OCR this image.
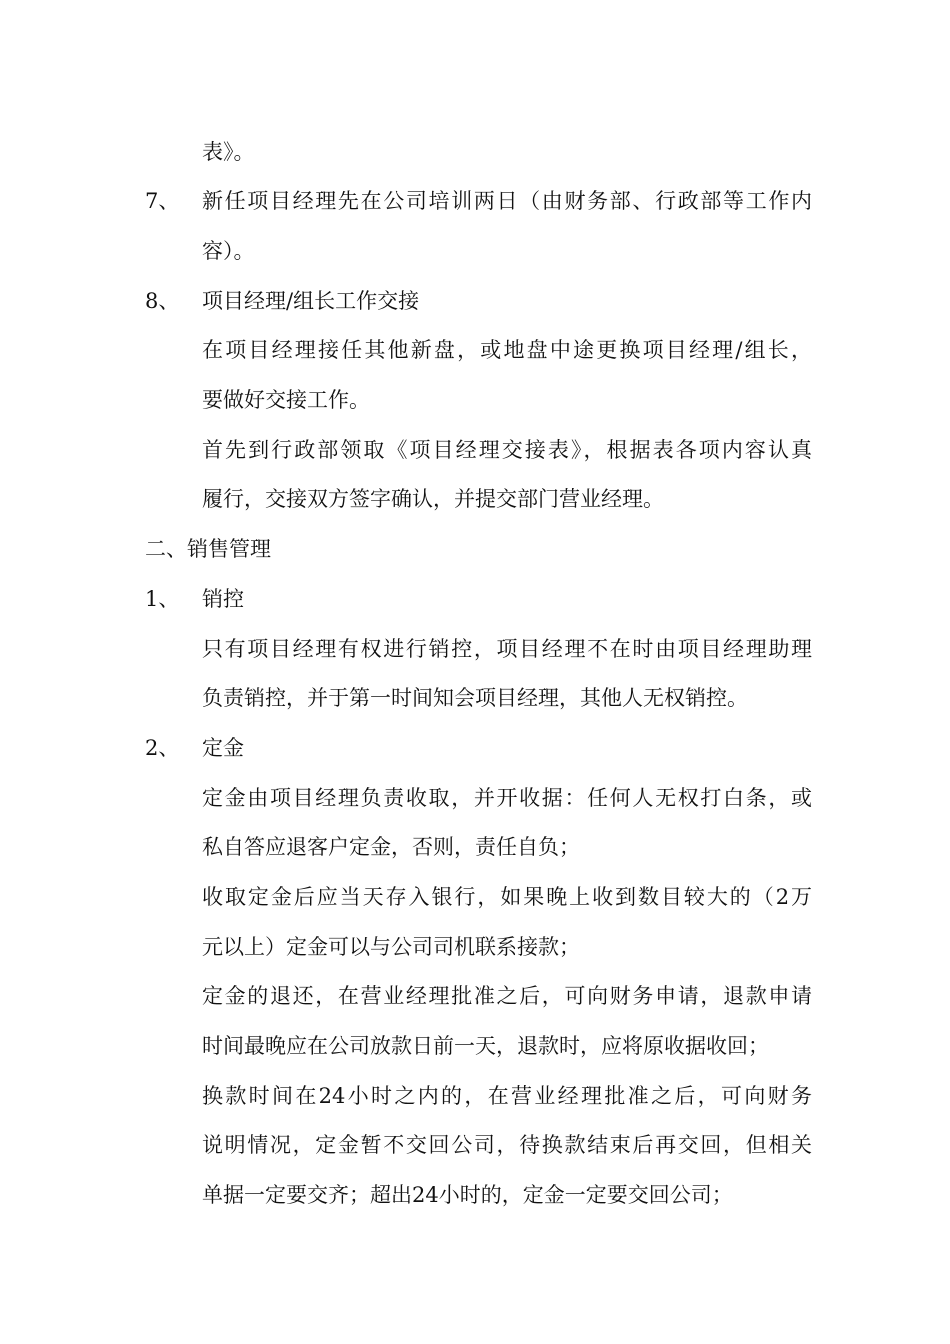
表》。
7、 新任项目经理先在公司培训两日（由财务部、行政部等工作内
容）。
8、 项目经理/组长工作交接
在项目经理接任其他新盘，或地盘中途更换项目经理/组长，
要做好交接工作。
首先到行政部领取《项目经理交接表》，根据表各项内容认真
履行，交接双方签字确认，并提交部门营业经理。
二、销售管理
1、 销控
只有项目经理有权进行销控，项目经理不在时由项目经理助理
负责销控，并于第一时间知会项目经理，其他人无权销控。
2、 定金
定金由项目经理负责收取，并开收据：任何人无权打白条，或
私自答应退客户定金，否则，责任自负；
收取定金后应当天存入银行，如果晚上收到数目较大的（2万
元以上）定金可以与公司司机联系接款；
定金的退还，在营业经理批准之后，可向财务申请，退款申请
时间最晚应在公司放款日前一天，退款时，应将原收据收回；
换款时间在24小时之内的，在营业经理批准之后，可向财务
说明情况，定金暂不交回公司，待换款结束后再交回，但相关
单据一定要交齐；超出24小时的，定金一定要交回公司；
